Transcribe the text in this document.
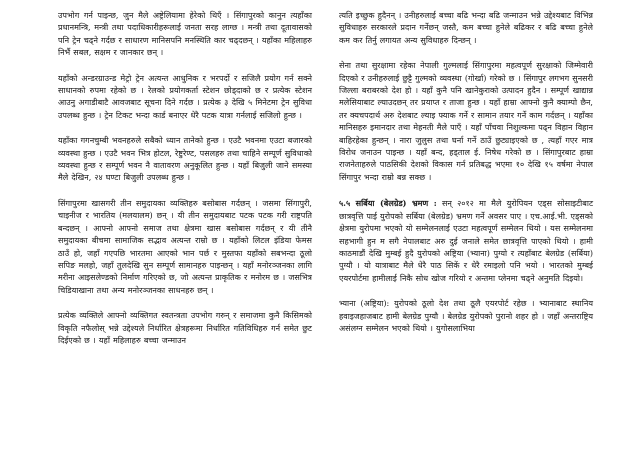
उपभोग गर्न पाइन्छ, जुन मैले अष्ट्रेलियामा हेरेको थिएँ । सिंगापुरको कानुन त्यहाँका प्रधानमन्त्रि, मन्त्री तथा पदाधिकारीहरूलाई जनता सरह लाग्छ । मन्त्री तथा दूतावासको पनि ट्रेन चढ्ने गर्दछ र साधारण मानिसपनि मनस्थिति कार चढ्दछन् । यहाँका महिलाहरु निर्भै सबल, सक्षम र जानकार छन् ।

यहाँको अन्डरग्राउन्ड मेट्रो ट्रेन अत्यन्त आधुनिक र भरपर्दो र सजिलै प्रयोग गर्न सक्ने साधानको रुपमा रहेको छ । रेलको प्रयोगकर्ता स्टेशन छोड्दाको छ र प्रत्येक स्टेशन आउनु अगाडीबाटै आवजबाट सूचना दिने गर्दछ । प्रत्येक ३ देखि ५ मिनेटमा ट्रेन सुविधा उपलब्ध हुन्छ । ट्रेन टिकट भन्दा कार्ड बनाएर धेरै पटक यात्रा गर्नलाई सजिलो हुन्छ ।

यहाँका गगनचुम्बी भवनहरुले सबैको ध्यान तानेको हुन्छ । एउटै भवनमा एउटा बजारको व्यवस्था हुन्छ । एउटै भवन भित्र होटल, रेष्टुरेण्ट, पसलहरु तथा चाहिने सम्पूर्ण सुविधाको व्यवस्था हुन्छ र सम्पूर्ण भवन नै वातावरण अनुकूलित हुन्छ । यहाँ बिजुली जाने समस्या मैले देखिन, २४ घण्टा बिजुली उपलब्ध हुन्छ ।

सिंगापुरमा खासगरी तीन समुदायका व्यक्तिहरु बसोबास गर्दछन् । जसमा सिंगापुरी, चाइनीज र भारतिय (मलयालम) छन् । यी तीन समुदायबाट पटक पटक गरी राष्ट्रपति बन्दछन् । आफ्नो आफ्नो समाज तथा क्षेत्रमा खास बसोबास गर्दछन् र यी तीनै समुदायका बीचमा सामाजिक सद्भाव अत्यन्त राम्रो छ । यहाँको लिटल इंडिया फेमस ठाउँ हो, जहाँ गएपछि भारतमा आएको भान पर्छ र मुस्तफा यहाँको सबभन्दा ठूलो सपिङ मलहो, जहाँ तुलदेखि सुन सम्पूर्ण सामानहरु पाइन्छन् । यहाँ मनोरञ्जनका लागि मरीना आइसलेण्डको निर्माण गरिएको छ, जो अत्यन्त प्राकृतिक र मनोरम छ । जसभित्र चिडियाखाना तथा अन्य मनोरञ्जनका साधनहरु छन् ।

प्रत्येक व्यक्तिले आफ्नो व्यक्तिगत स्वतन्त्रता उपभोग गरुन् र समाजमा कुनै किसिमको विकृति नफैलोस् भन्ने उद्देश्यले निर्धारित क्षेत्रहरूमा निर्धारित गतिविधिहरु गर्न समेत छुट दिईएको छ । यहाँ महिलाहरु बच्चा जन्माउन

त्यति इच्छुक हुदैनन् । उनीहरुलाई बच्चा बढि भन्दा बढि जन्माउन भन्ने उद्देश्यबाट विभिन्न सुविधाहरु सरकारले प्रदान गर्नेछन् जस्तै, कम बच्चा हुनेले बढिकर र बढि बच्चा हुनेले कम कर तिर्नु लगायत अन्य सुविधाहरु दिन्छन् ।

सेना तथा सुरक्षामा रहेका नेपाली गुल्मलाई सिंगापुरमा महत्वपूर्ण सुरक्षाको जिम्मेवारी दिएको र उनीहरुलाई छुट्टै गुल्मको व्यवस्था (गोर्खा) गरेको छ । सिंगापुर लगभग सुनसरी जिल्ला बराबरको देश हो । यहाँ कुनै पनि खानेकुराको उत्पादन हुदैन । सम्पूर्ण खाद्यान्न मलेसियाबाट ल्याउदछन् तर प्रयाप्त र ताजा हुन्छ । यहाँ हाम्रा आफ्नो कुनै क्याम्पो छैन, तर क्यचपदार्थ अरु देशबाट ल्याइ फ्याक गर्ने र सामान तयार गर्ने काम गर्दछन् । यहाँका मानिसहरु इमानदार तथा मेहनती मैले पाएँ । यहाँ पाँचवा निशुल्कमा पढ्न विहान विहान बाहिरहेका हुन्छन् । नारा जुलुस तथा घर्ना गर्ने ठाउँ छुट्याइएको छ , त्यहाँ गएर मात्र विरोध जनाउन पाइन्छ । यहाँ बन्द, हड्ताल ई. निषेध गरेको छ । सिंगापुरबाट हाम्रा राजनेताहरुले पाठसिकी देशको विकास गर्न प्रतिबद्ध भएमा १० देखि १५ वर्षमा नेपाल सिंगापुर भन्दा राम्रो बन्न सक्छ ।

५.५ सर्बिया (बेलग्रेड) भ्रमण : सन् २०१२ मा मैले युरोपियन एड्स सोसाइटीबाट छात्रवृत्ति पाई युरोपको सर्बिया (बेलग्रेड) भ्रमण गर्ने अवसर पाए । एच.आई.भी. एड्सको क्षेत्रमा युरोपमा भएको यो सम्मेलनलाई एउटा महत्वपूर्ण सम्मेलन थियो । यस सम्मेलनमा सहभागी हुन म सगै नेपालबाट अरु दुई जनाले समेत छात्रवृत्ति पाएको थियो । हामी काठमाडौं देखि मुम्बई हुदै युरोपको अष्ट्रिया (भ्याना) पुग्यो र त्यहाँबाट बेलग्रेड (सर्बिया) पुग्यौ । यो यात्राबाट मैले धेरै पाठ सिकें र धेरै रमाइलो पनि भयो । भारतको मुम्बई एयरपोर्टमा हामीलाई निकै सोध खोज गरियो र अन्तमा प्लेनमा चढ्ने अनुमति दिइयो।

भ्याना (अष्ट्रिया): युरोपको ठूलो देश तथा ठूलै एयरपोर्ट रहेछ । भ्यानाबाट स्थानिय हवाइजहाजबाट हामी बेलग्रेड पुग्यौ । बेलग्रेड युरोपको पुरानो शहर हो । जहाँ अन्तराष्ट्रिय असंलग्न सम्मेलन भएको थियो । युगोसलाभिया
